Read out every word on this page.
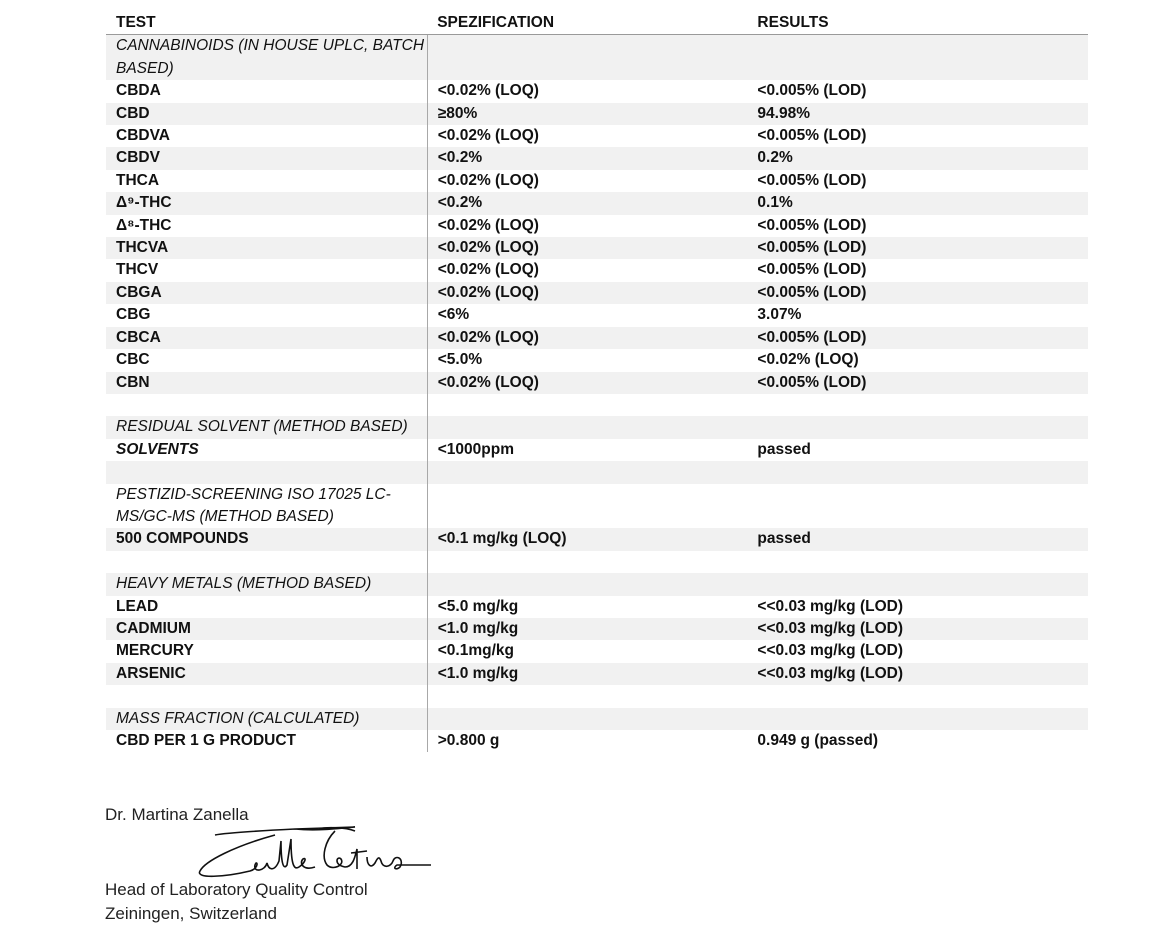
TEST	SPEZIFICATION	RESULTS
CANNABINOIDS (IN HOUSE UPLC, BATCH BASED)		
CBDA	<0.02% (LOQ)	<0.005% (LOD)
CBD	≥80%	94.98%
CBDVA	<0.02% (LOQ)	<0.005% (LOD)
CBDV	<0.2%	0.2%
THCA	<0.02% (LOQ)	<0.005% (LOD)
Δ⁹-THC	<0.2%	0.1%
Δ⁸-THC	<0.02% (LOQ)	<0.005% (LOD)
THCVA	<0.02% (LOQ)	<0.005% (LOD)
THCV	<0.02% (LOQ)	<0.005% (LOD)
CBGA	<0.02% (LOQ)	<0.005% (LOD)
CBG	<6%	3.07%
CBCA	<0.02% (LOQ)	<0.005% (LOD)
CBC	<5.0%	<0.02% (LOQ)
CBN	<0.02% (LOQ)	<0.005% (LOD)

RESIDUAL SOLVENT (METHOD BASED)		
SOLVENTS	<1000ppm	passed

PESTIZID-SCREENING ISO 17025 LC-MS/GC-MS (METHOD BASED)		
500 COMPOUNDS	<0.1 mg/kg (LOQ)	passed

HEAVY METALS (METHOD BASED)		
LEAD	<5.0 mg/kg	<<0.03 mg/kg (LOD)
CADMIUM	<1.0 mg/kg	<<0.03 mg/kg (LOD)
MERCURY	<0.1mg/kg	<<0.03 mg/kg (LOD)
ARSENIC	<1.0 mg/kg	<<0.03 mg/kg (LOD)

MASS FRACTION (CALCULATED)		
CBD PER 1 G PRODUCT	>0.800 g	0.949 g (passed)
Dr. Martina Zanella
Head of Laboratory Quality Control
Zeiningen, Switzerland
